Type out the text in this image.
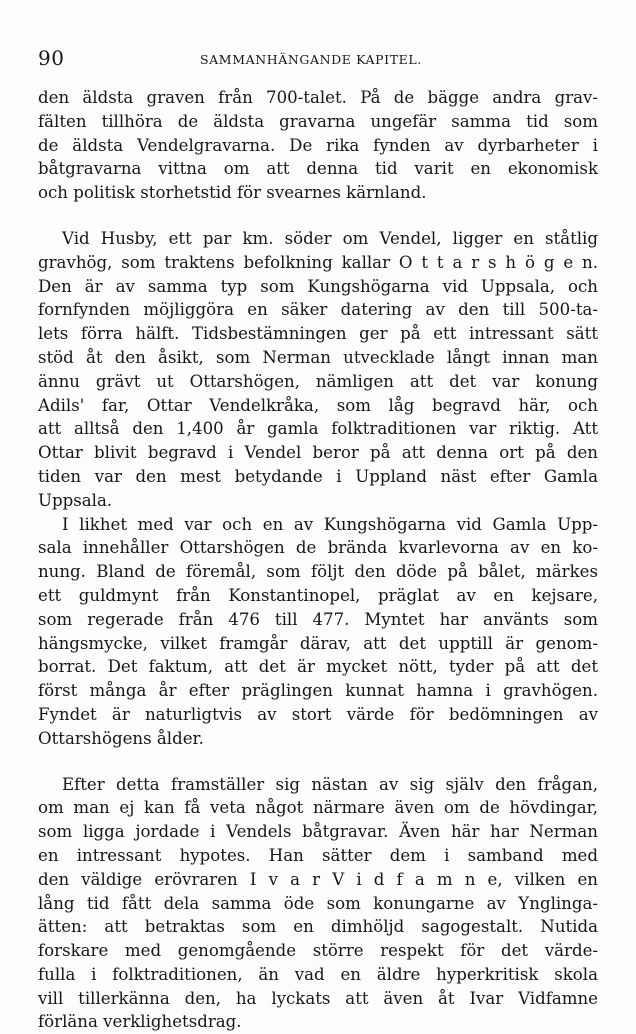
90	SAMMANHÄNGANDE KAPITEL.
den äldsta graven från 700-talet. På de bägge andra grav-
fälten tillhöra de äldsta gravarna ungefär samma tid som
de äldsta Vendelgravarna. De rika fynden av dyrbarheter i
båtgravarna vittna om att denna tid varit en ekonomisk
och politisk storhetstid för svearnes kärnland.
Vid Husby, ett par km. söder om Vendel, ligger en ståtlig
gravhög, som traktens befolkning kallar O t t a r s h ö g e n.
Den är av samma typ som Kungshögarna vid Uppsala, och
fornfynden möjliggöra en säker datering av den till 500-ta-
lets förra hälft. Tidsbestämningen ger på ett intressant sätt
stöd åt den åsikt, som Nerman utvecklade långt innan man
ännu grävt ut Ottarshögen, nämligen att det var konung
Adils' far, Ottar Vendelkråka, som låg begravd här, och
att alltså den 1,400 år gamla folktraditionen var riktig. Att
Ottar blivit begravd i Vendel beror på att denna ort på den
tiden var den mest betydande i Uppland näst efter Gamla
Uppsala.
I likhet med var och en av Kungshögarna vid Gamla Upp-
sala innehåller Ottarshögen de brända kvarlevorna av en ko-
nung. Bland de föremål, som följt den döde på bålet, märkes
ett guldmynt från Konstantinopel, präglat av en kejsare,
som regerade från 476 till 477. Myntet har använts som
hängsmycke, vilket framgår därav, att det upptill är genom-
borrat. Det faktum, att det är mycket nött, tyder på att det
först många år efter präglingen kunnat hamna i gravhögen.
Fyndet är naturligtvis av stort värde för bedömningen av
Ottarshögens ålder.
Efter detta framställer sig nästan av sig själv den frågan,
om man ej kan få veta något närmare även om de hövdingar,
som ligga jordade i Vendels båtgravar. Även här har Nerman
en intressant hypotes. Han sätter dem i samband med
den väldige erövraren I v a r V i d f a m n e, vilken en
lång tid fått dela samma öde som konungarne av Ynglinga-
ätten: att betraktas som en dimhöljd sagogestalt. Nutida
forskare med genomgående större respekt för det värde-
fulla i folktraditionen, än vad en äldre hyperkritisk skola
vill tillerkänna den, ha lyckats att även åt Ivar Vidfamne
förläna verklighetsdrag.
